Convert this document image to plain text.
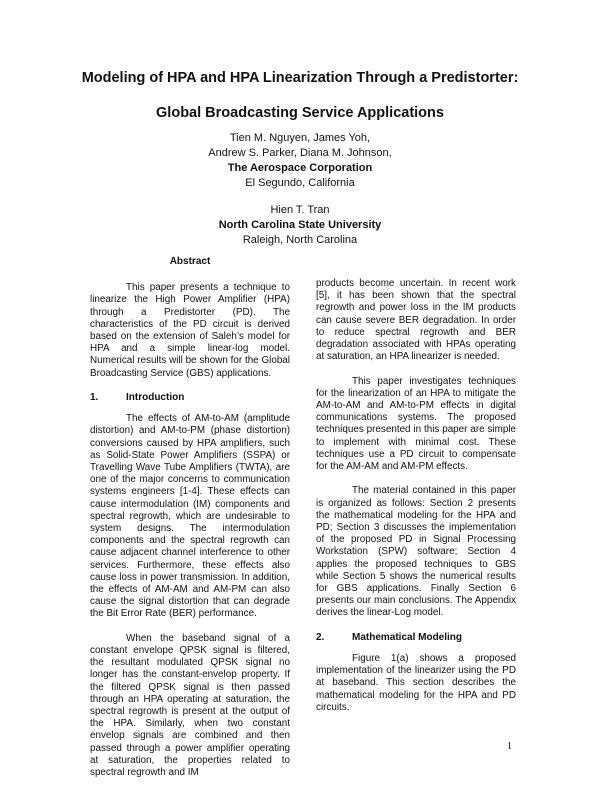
Modeling of HPA and HPA Linearization Through a Predistorter:
Global Broadcasting Service Applications
Tien M. Nguyen, James Yoh,
Andrew S. Parker, Diana M. Johnson,
The Aerospace Corporation
El Segundo, California
Hien T. Tran
North Carolina State University
Raleigh, North Carolina
Abstract

This paper presents a technique to linearize the High Power Amplifier (HPA) through a Predistorter (PD). The characteristics of the PD circuit is derived based on the extension of Saleh’s model for HPA and a simple linear-log model. Numerical results will be shown for the Global Broadcasting Service (GBS) applications.

1.	Introduction

The effects of AM-to-AM (amplitude distortion) and AM-to-PM (phase distortion) conversions caused by HPA amplifiers, such as Solid-State Power Amplifiers (SSPA) or Travelling Wave Tube Amplifiers (TWTA), are one of the major concerns to communication systems engineers [1-4]. These effects can cause intermodulation (IM) components and spectral regrowth, which are undesirable to system designs. The intermodulation components and the spectral regrowth can cause adjacent channel interference to other services. Furthermore, these effects also cause loss in power transmission. In addition, the effects of AM-AM and AM-PM can also cause the signal distortion that can degrade the Bit Error Rate (BER) performance.

When the baseband signal of a constant envelope QPSK signal is filtered, the resultant modulated QPSK signal no longer has the constant-envelop property. If the filtered QPSK signal is then passed through an HPA operating at saturation, the spectral regrowth is present at the output of the HPA. Similarly, when two constant envelop signals are combined and then passed through a power amplifier operating at saturation, the properties related to spectral regrowth and IM

products become uncertain. In recent work [5], it has been shown that the spectral regrowth and power loss in the IM products can cause severe BER degradation. In order to reduce spectral regrowth and BER degradation associated with HPAs operating at saturation, an HPA linearizer is needed.

This paper investigates techniques for the linearization of an HPA to mitigate the AM-to-AM and AM-to-PM effects in digital communications systems. The proposed techniques presented in this paper are simple to implement with minimal cost. These techniques use a PD circuit to compensate for the AM-AM and AM-PM effects.

The material contained in this paper is organized as follows: Section 2 presents the mathematical modeling for the HPA and PD; Section 3 discusses the implementation of the proposed PD in Signal Processing Workstation (SPW) software; Section 4 applies the proposed techniques to GBS while Section 5 shows the numerical results for GBS applications. Finally Section 6 presents our main conclusions. The Appendix derives the linear-Log model.

2.	Mathematical Modeling

Figure 1(a) shows a proposed implementation of the linearizer using the PD at baseband. This section describes the mathematical modeling for the HPA and PD circuits.

1
